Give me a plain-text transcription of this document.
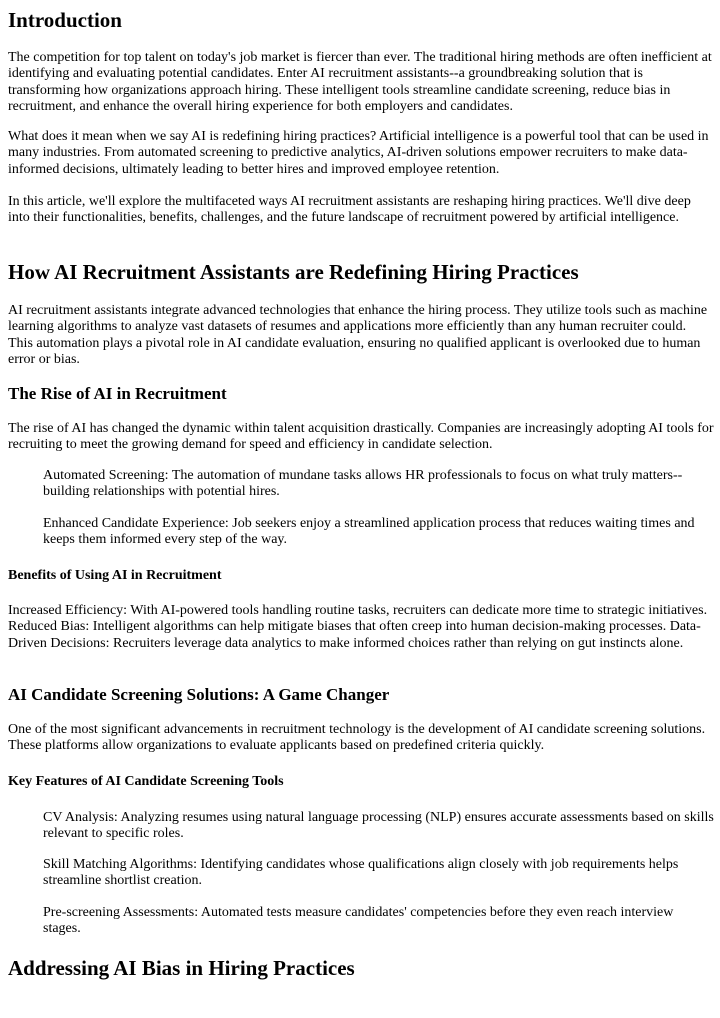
Introduction

The competition for top talent on today's job market is fiercer than ever. The traditional hiring methods are often inefficient at identifying and evaluating potential candidates. Enter AI recruitment assistants--a groundbreaking solution that is transforming how organizations approach hiring. These intelligent tools streamline candidate screening, reduce bias in recruitment, and enhance the overall hiring experience for both employers and candidates.

What does it mean when we say AI is redefining hiring practices? Artificial intelligence is a powerful tool that can be used in many industries. From automated screening to predictive analytics, AI-driven solutions empower recruiters to make data-informed decisions, ultimately leading to better hires and improved employee retention.

In this article, we'll explore the multifaceted ways AI recruitment assistants are reshaping hiring practices. We'll dive deep into their functionalities, benefits, challenges, and the future landscape of recruitment powered by artificial intelligence.

How AI Recruitment Assistants are Redefining Hiring Practices

AI recruitment assistants integrate advanced technologies that enhance the hiring process. They utilize tools such as machine learning algorithms to analyze vast datasets of resumes and applications more efficiently than any human recruiter could. This automation plays a pivotal role in AI candidate evaluation, ensuring no qualified applicant is overlooked due to human error or bias.

The Rise of AI in Recruitment

The rise of AI has changed the dynamic within talent acquisition drastically. Companies are increasingly adopting AI tools for recruiting to meet the growing demand for speed and efficiency in candidate selection.

Automated Screening: The automation of mundane tasks allows HR professionals to focus on what truly matters--building relationships with potential hires.

Enhanced Candidate Experience: Job seekers enjoy a streamlined application process that reduces waiting times and keeps them informed every step of the way.

Benefits of Using AI in Recruitment

Increased Efficiency: With AI-powered tools handling routine tasks, recruiters can dedicate more time to strategic initiatives. Reduced Bias: Intelligent algorithms can help mitigate biases that often creep into human decision-making processes. Data-Driven Decisions: Recruiters leverage data analytics to make informed choices rather than relying on gut instincts alone.

AI Candidate Screening Solutions: A Game Changer

One of the most significant advancements in recruitment technology is the development of AI candidate screening solutions. These platforms allow organizations to evaluate applicants based on predefined criteria quickly.

Key Features of AI Candidate Screening Tools

CV Analysis: Analyzing resumes using natural language processing (NLP) ensures accurate assessments based on skills relevant to specific roles.

Skill Matching Algorithms: Identifying candidates whose qualifications align closely with job requirements helps streamline shortlist creation.

Pre-screening Assessments: Automated tests measure candidates' competencies before they even reach interview stages.

Addressing AI Bias in Hiring Practices
